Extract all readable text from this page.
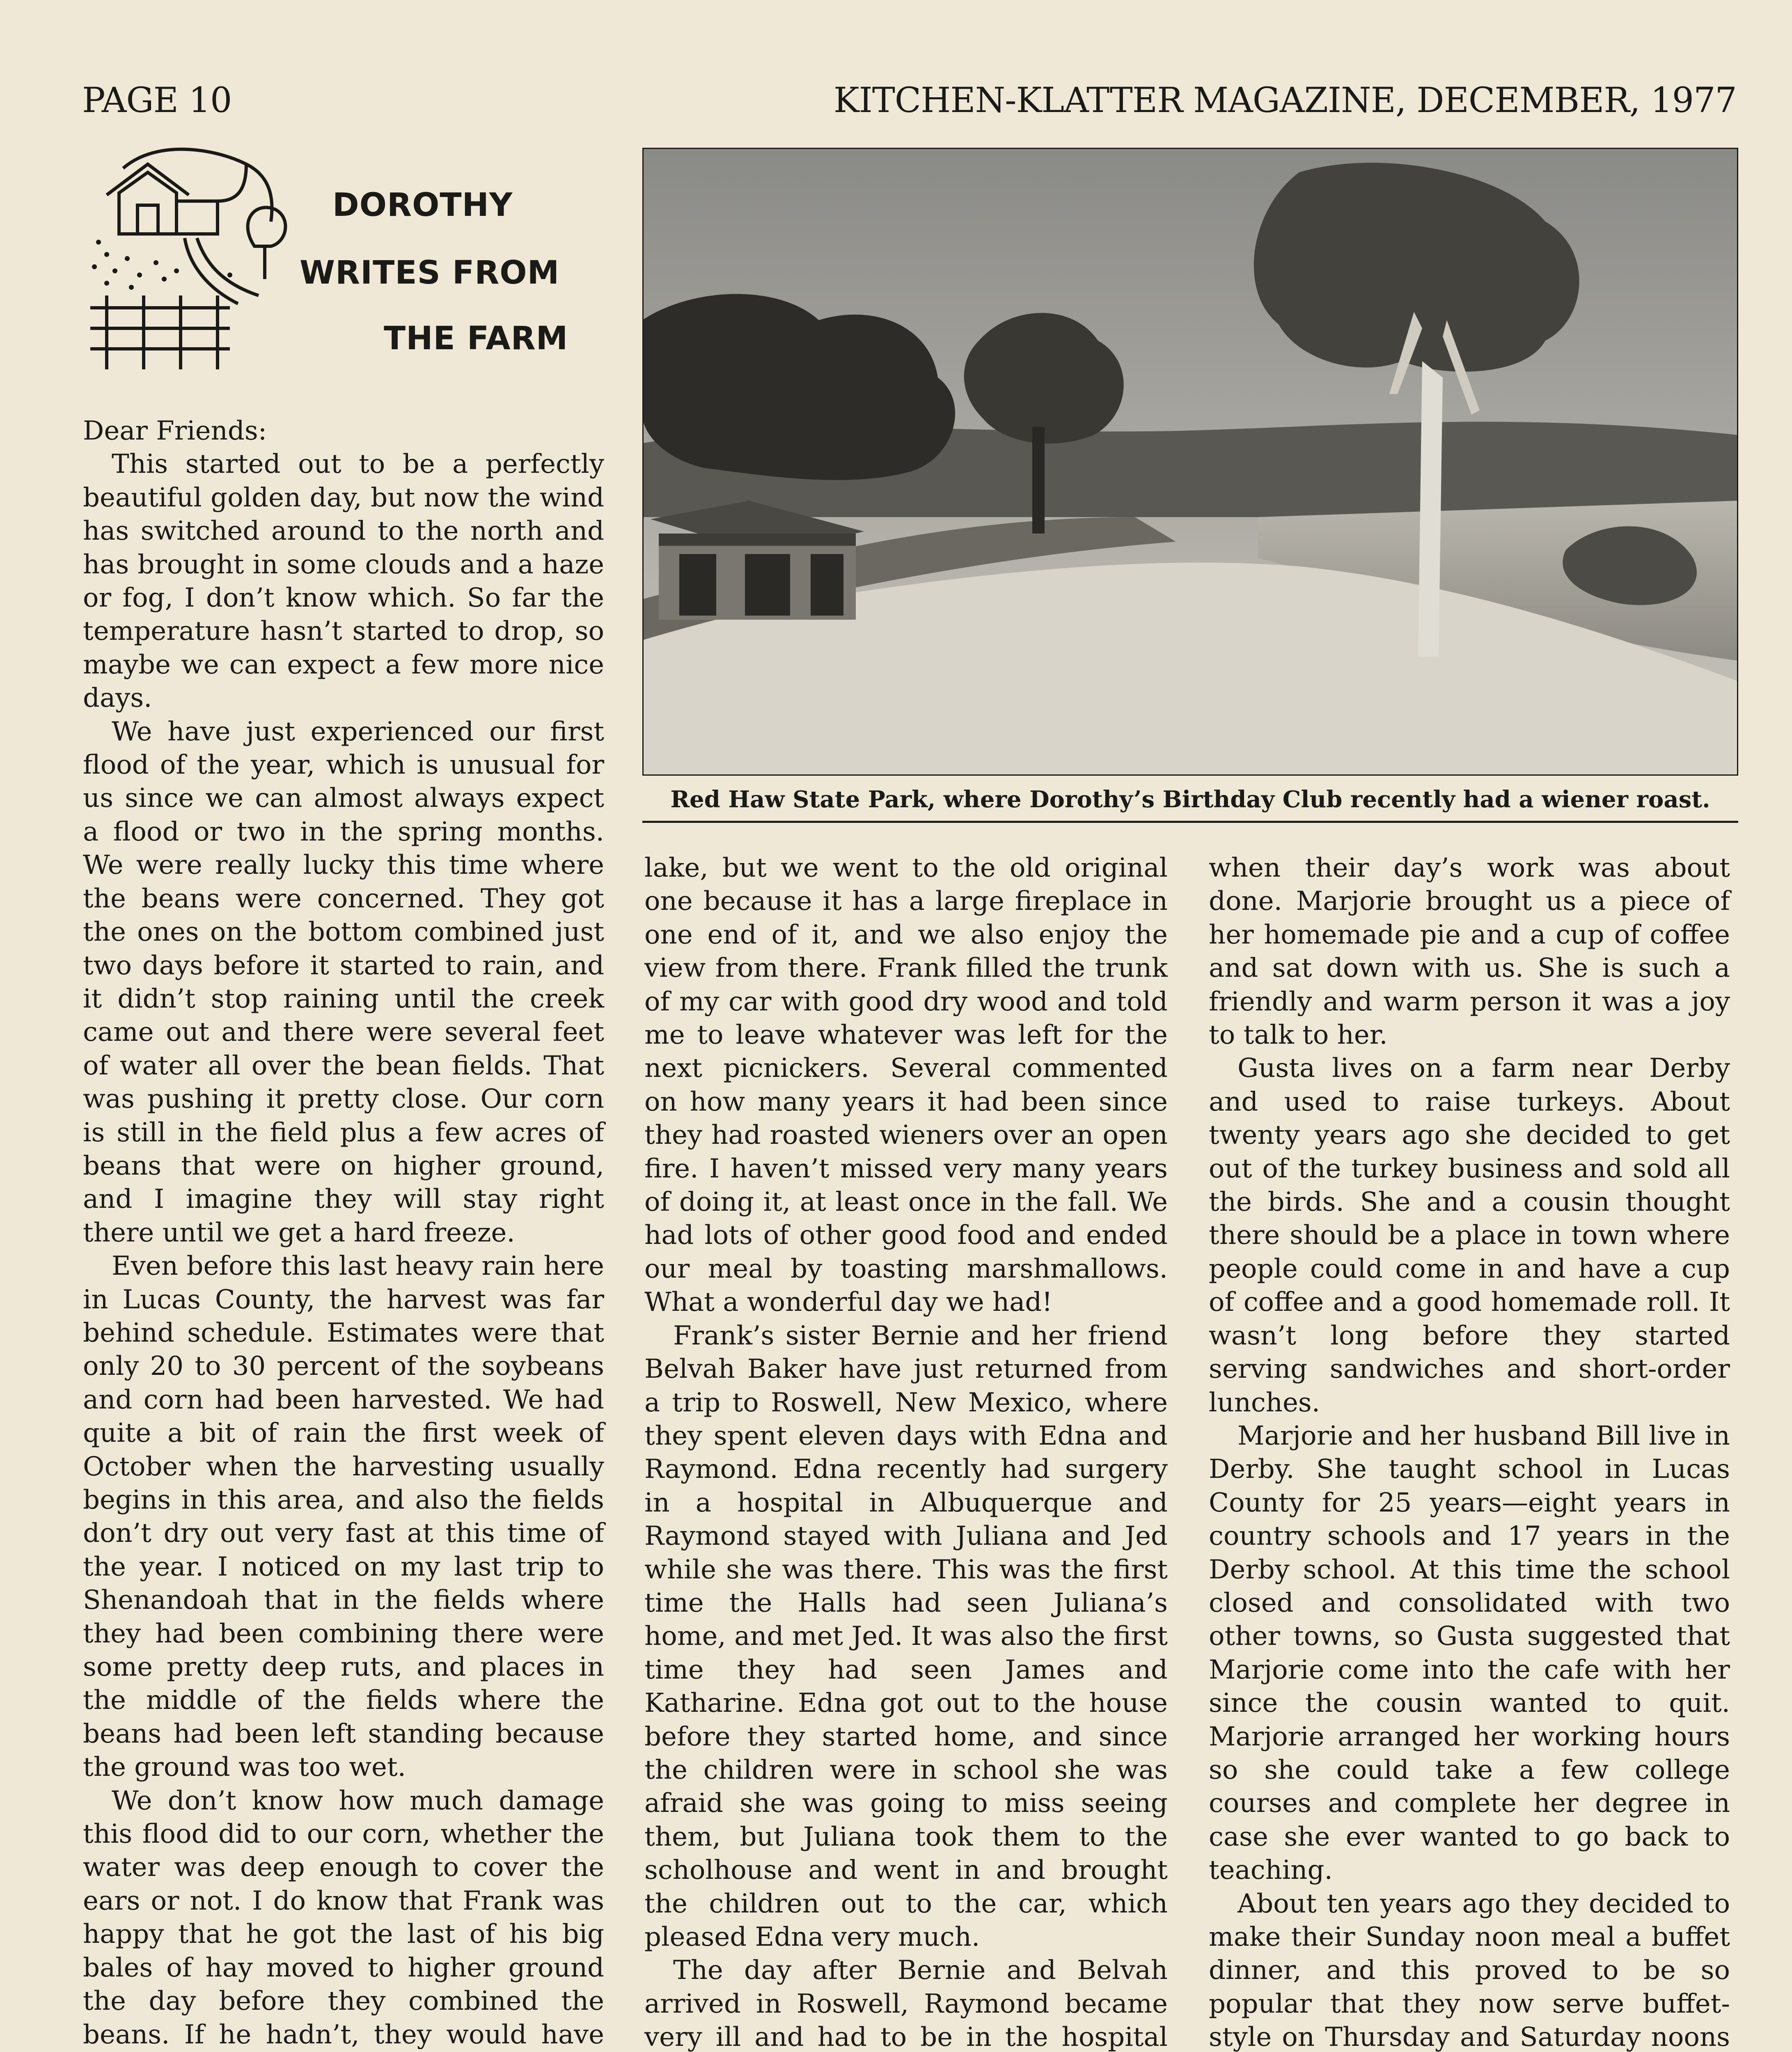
PAGE 10	KITCHEN-KLATTER MAGAZINE, DECEMBER, 1977
DOROTHY
WRITES FROM
THE FARM
Red Haw State Park, where Dorothy’s Birthday Club recently had a wiener roast.

Dear Friends:

This started out to be a perfectly beautiful golden day, but now the wind has switched around to the north and has brought in some clouds and a haze or fog, I don’t know which. So far the temperature hasn’t started to drop, so maybe we can expect a few more nice days.

We have just experienced our first flood of the year, which is unusual for us since we can almost always expect a flood or two in the spring months. We were really lucky this time where the beans were concerned. They got the ones on the bottom combined just two days before it started to rain, and it didn’t stop raining until the creek came out and there were several feet of water all over the bean fields. That was pushing it pretty close. Our corn is still in the field plus a few acres of beans that were on higher ground, and I imagine they will stay right there until we get a hard freeze.

Even before this last heavy rain here in Lucas County, the harvest was far behind schedule. Estimates were that only 20 to 30 percent of the soybeans and corn had been harvested. We had quite a bit of rain the first week of October when the harvesting usually begins in this area, and also the fields don’t dry out very fast at this time of the year. I noticed on my last trip to Shenandoah that in the fields where they had been combining there were some pretty deep ruts, and places in the middle of the fields where the beans had been left standing because the ground was too wet.

We don’t know how much damage this flood did to our corn, whether the water was deep enough to cover the ears or not. I do know that Frank was happy that he got the last of his big bales of hay moved to higher ground the day before they combined the beans. If he hadn’t, they would have

lake, but we went to the old original one because it has a large fireplace in one end of it, and we also enjoy the view from there. Frank filled the trunk of my car with good dry wood and told me to leave whatever was left for the next picnickers. Several commented on how many years it had been since they had roasted wieners over an open fire. I haven’t missed very many years of doing it, at least once in the fall. We had lots of other good food and ended our meal by toasting marshmallows. What a wonderful day we had!

Frank’s sister Bernie and her friend Belvah Baker have just returned from a trip to Roswell, New Mexico, where they spent eleven days with Edna and Raymond. Edna recently had surgery in a hospital in Albuquerque and Raymond stayed with Juliana and Jed while she was there. This was the first time the Halls had seen Juliana’s home, and met Jed. It was also the first time they had seen James and Katharine. Edna got out to the house before they started home, and since the children were in school she was afraid she was going to miss seeing them, but Juliana took them to the scholhouse and went in and brought the children out to the car, which pleased Edna very much.

The day after Bernie and Belvah arrived in Roswell, Raymond became very ill and had to be in the hospital

when their day’s work was about done. Marjorie brought us a piece of her homemade pie and a cup of coffee and sat down with us. She is such a friendly and warm person it was a joy to talk to her.

Gusta lives on a farm near Derby and used to raise turkeys. About twenty years ago she decided to get out of the turkey business and sold all the birds. She and a cousin thought there should be a place in town where people could come in and have a cup of coffee and a good homemade roll. It wasn’t long before they started serving sandwiches and short-order lunches.

Marjorie and her husband Bill live in Derby. She taught school in Lucas County for 25 years—eight years in country schools and 17 years in the Derby school. At this time the school closed and consolidated with two other towns, so Gusta suggested that Marjorie come into the cafe with her since the cousin wanted to quit. Marjorie arranged her working hours so she could take a few college courses and complete her degree in case she ever wanted to go back to teaching.

About ten years ago they decided to make their Sunday noon meal a buffet dinner, and this proved to be so popular that they now serve buffet-style on Thursday and Saturday noons
